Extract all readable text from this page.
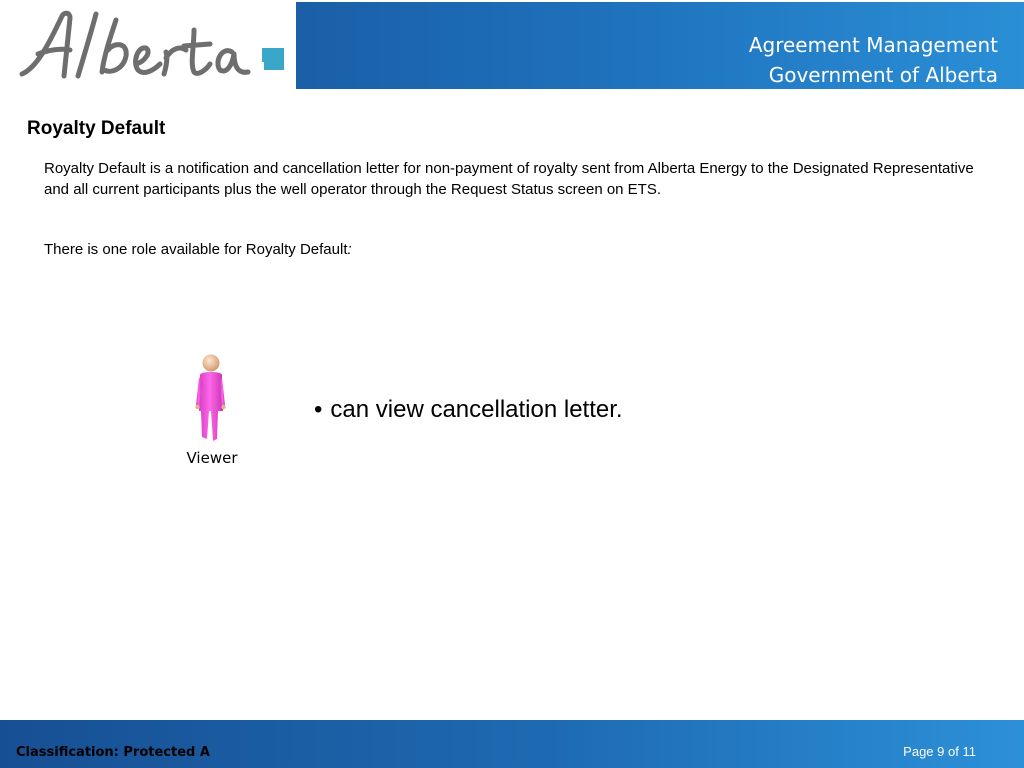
Agreement Management
Government of Alberta
Royalty Default

Royalty Default is a notification and cancellation letter for non-payment of royalty sent from Alberta Energy to the Designated Representative and all current participants plus the well operator through the Request Status screen on ETS.

There is one role available for Royalty Default:

Viewer
• can view cancellation letter.
Classification: Protected A	Page 9 of 11
